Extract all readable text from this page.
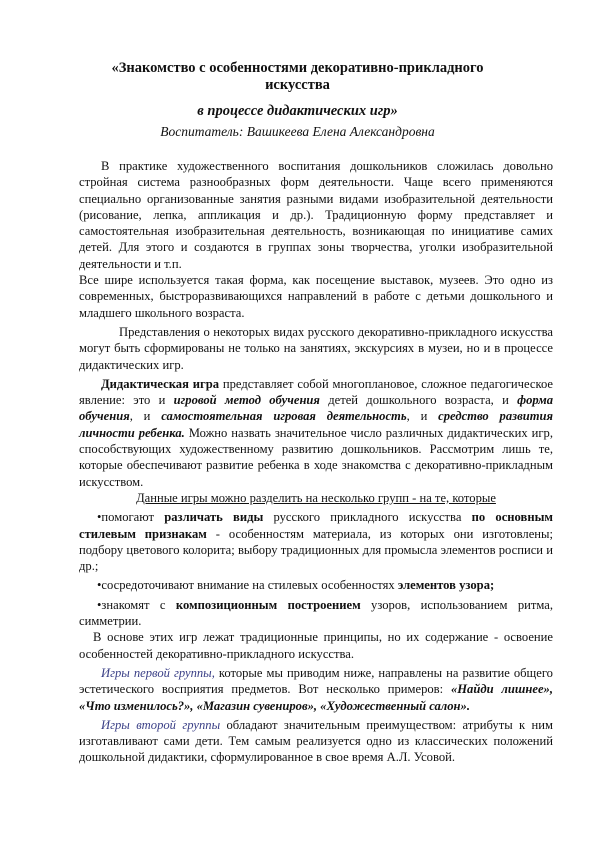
«Знакомство с особенностями декоративно-прикладного
искусства

в процессе дидактических игр»

Воспитатель: Вашикеева Елена Александровна

В практике художественного воспитания дошкольников сложилась довольно стройная система разнообразных форм деятельности. Чаще всего применяются специально организованные занятия разными видами изобразительной деятельности (рисование, лепка, аппликация и др.). Традиционную форму представляет и самостоятельная изобразительная деятельность, возникающая по инициативе самих детей. Для этого и создаются в группах зоны творчества, уголки изобразительной деятельности и т.п.

Все шире используется такая форма, как посещение выставок, музеев. Это одно из современных, быстроразвивающихся направлений в работе с детьми дошкольного и младшего школьного возраста.

Представления о некоторых видах русского декоративно-прикладного искусства могут быть сформированы не только на занятиях, экскурсиях в музеи, но и в процессе дидактических игр.

Дидактическая игра представляет собой многоплановое, сложное педагогическое явление: это и игровой метод обучения детей дошкольного возраста, и форма обучения, и самостоятельная игровая деятельность, и средство развития личности ребенка. Можно назвать значительное число различных дидактических игр, способствующих художественному развитию дошкольников. Рассмотрим лишь те, которые обеспечивают развитие ребенка в ходе знакомства с декоративно-прикладным искусством.

Данные игры можно разделить на несколько групп - на те, которые

• помогают различать виды русского прикладного искусства по основным стилевым признакам - особенностям материала, из которых они изготовлены; подбору цветового колорита; выбору традиционных для промысла элементов росписи и др.;

• сосредоточивают внимание на стилевых особенностях элементов узора;

• знакомят с композиционным построением узоров, использованием ритма, симметрии.

В основе этих игр лежат традиционные принципы, но их содержание - освоение особенностей декоративно-прикладного искусства.

Игры первой группы, которые мы приводим ниже, направлены на развитие общего эстетического восприятия предметов. Вот несколько примеров: «Найди лишнее», «Что изменилось?», «Магазин сувениров», «Художественный салон».

Игры второй группы обладают значительным преимуществом: атрибуты к ним изготавливают сами дети. Тем самым реализуется одно из классических положений дошкольной дидактики, сформулированное в свое время А.Л. Усовой.
